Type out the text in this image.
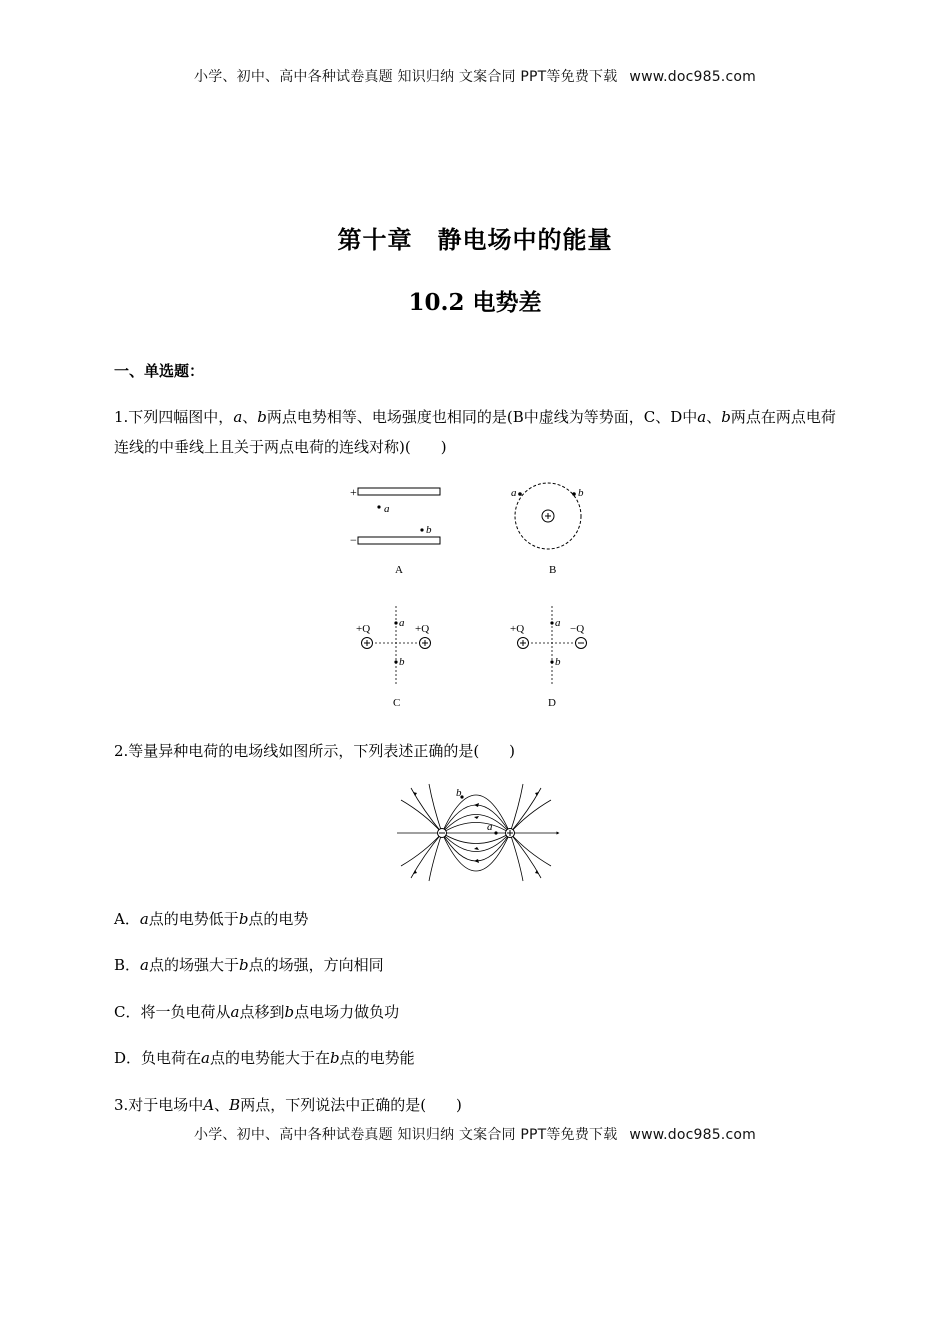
小学、初中、高中各种试卷真题 知识归纳 文案合同 PPT等免费下载 www.doc985.com
第十章　静电场中的能量
10.2 电势差
一、单选题：
1.下列四幅图中，a、b两点电势相等、电场强度也相同的是(B中虚线为等势面，C、D中a、b两点在两点电荷连线的中垂线上且关于两点电荷的连线对称)(　　)
+
a
b
−
A
a	b
B
+Q	+Q
a
b
C
+Q	−Q
a
b
D
2.等量异种电荷的电场线如图所示，下列表述正确的是(　　)
b
a
A．a点的电势低于b点的电势
B．a点的场强大于b点的场强，方向相同
C．将一负电荷从a点移到b点电场力做负功
D．负电荷在a点的电势能大于在b点的电势能
3.对于电场中A、B两点，下列说法中正确的是(　　)
小学、初中、高中各种试卷真题 知识归纳 文案合同 PPT等免费下载 www.doc985.com
